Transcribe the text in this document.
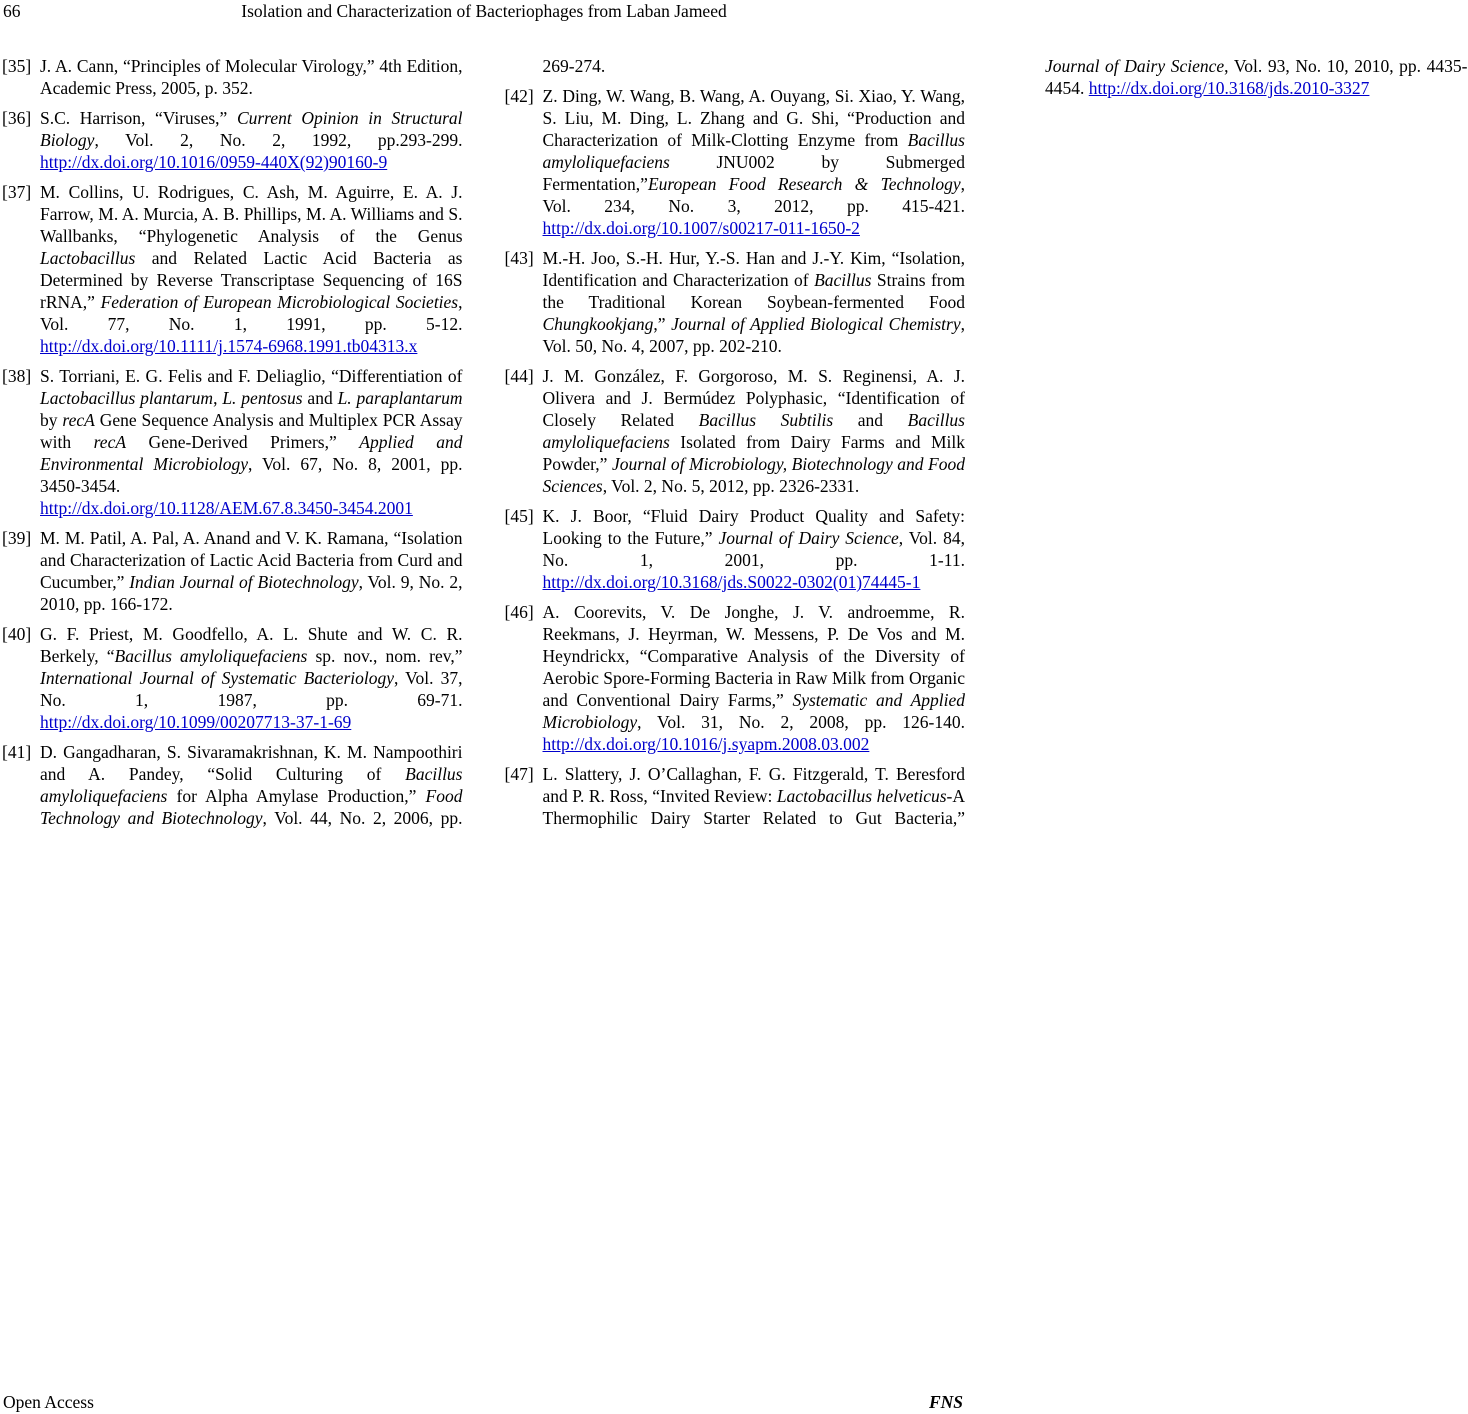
66	Isolation and Characterization of Bacteriophages from Laban Jameed
[35] J. A. Cann, “Principles of Molecular Virology,” 4th Edition, Academic Press, 2005, p. 352.
[36] S.C. Harrison, “Viruses,” Current Opinion in Structural Biology, Vol. 2, No. 2, 1992, pp.293-299. http://dx.doi.org/10.1016/0959-440X(92)90160-9
[37] M. Collins, U. Rodrigues, C. Ash, M. Aguirre, E. A. J. Farrow, M. A. Murcia, A. B. Phillips, M. A. Williams and S. Wallbanks, “Phylogenetic Analysis of the Genus Lactobacillus and Related Lactic Acid Bacteria as Determined by Reverse Transcriptase Sequencing of 16S rRNA,” Federation of European Microbiological Societies, Vol. 77, No. 1, 1991, pp. 5-12. http://dx.doi.org/10.1111/j.1574-6968.1991.tb04313.x
[38] S. Torriani, E. G. Felis and F. Deliaglio, “Differentiation of Lactobacillus plantarum, L. pentosus and L. paraplantarum by recA Gene Sequence Analysis and Multiplex PCR Assay with recA Gene-Derived Primers,” Applied and Environmental Microbiology, Vol. 67, No. 8, 2001, pp. 3450-3454. http://dx.doi.org/10.1128/AEM.67.8.3450-3454.2001
[39] M. M. Patil, A. Pal, A. Anand and V. K. Ramana, “Isolation and Characterization of Lactic Acid Bacteria from Curd and Cucumber,” Indian Journal of Biotechnology, Vol. 9, No. 2, 2010, pp. 166-172.
[40] G. F. Priest, M. Goodfello, A. L. Shute and W. C. R. Berkely, “Bacillus amyloliquefaciens sp. nov., nom. rev,” International Journal of Systematic Bacteriology, Vol. 37, No. 1, 1987, pp. 69-71. http://dx.doi.org/10.1099/00207713-37-1-69
[41] D. Gangadharan, S. Sivaramakrishnan, K. M. Nampoothiri and A. Pandey, “Solid Culturing of Bacillus amyloliquefaciens for Alpha Amylase Production,” Food Technology and Biotechnology, Vol. 44, No. 2, 2006, pp. 269-274.
[42] Z. Ding, W. Wang, B. Wang, A. Ouyang, Si. Xiao, Y. Wang, S. Liu, M. Ding, L. Zhang and G. Shi, “Production and Characterization of Milk-Clotting Enzyme from Bacillus amyloliquefaciens JNU002 by Submerged Fermentation,”European Food Research & Technology, Vol. 234, No. 3, 2012, pp. 415-421. http://dx.doi.org/10.1007/s00217-011-1650-2
[43] M.-H. Joo, S.-H. Hur, Y.-S. Han and J.-Y. Kim, “Isolation, Identification and Characterization of Bacillus Strains from the Traditional Korean Soybean-fermented Food Chungkookjang,” Journal of Applied Biological Chemistry, Vol. 50, No. 4, 2007, pp. 202-210.
[44] J. M. González, F. Gorgoroso, M. S. Reginensi, A. J. Olivera and J. Bermúdez Polyphasic, “Identification of Closely Related Bacillus Subtilis and Bacillus amyloliquefaciens Isolated from Dairy Farms and Milk Powder,” Journal of Microbiology, Biotechnology and Food Sciences, Vol. 2, No. 5, 2012, pp. 2326-2331.
[45] K. J. Boor, “Fluid Dairy Product Quality and Safety: Looking to the Future,” Journal of Dairy Science, Vol. 84, No. 1, 2001, pp. 1-11. http://dx.doi.org/10.3168/jds.S0022-0302(01)74445-1
[46] A. Coorevits, V. De Jonghe, J. V. androemme, R. Reekmans, J. Heyrman, W. Messens, P. De Vos and M. Heyndrickx, “Comparative Analysis of the Diversity of Aerobic Spore-Forming Bacteria in Raw Milk from Organic and Conventional Dairy Farms,” Systematic and Applied Microbiology, Vol. 31, No. 2, 2008, pp. 126-140. http://dx.doi.org/10.1016/j.syapm.2008.03.002
[47] L. Slattery, J. O’Callaghan, F. G. Fitzgerald, T. Beresford and P. R. Ross, “Invited Review: Lactobacillus helveticus-A Thermophilic Dairy Starter Related to Gut Bacteria,” Journal of Dairy Science, Vol. 93, No. 10, 2010, pp. 4435-4454. http://dx.doi.org/10.3168/jds.2010-3327
Open Access	FNS
